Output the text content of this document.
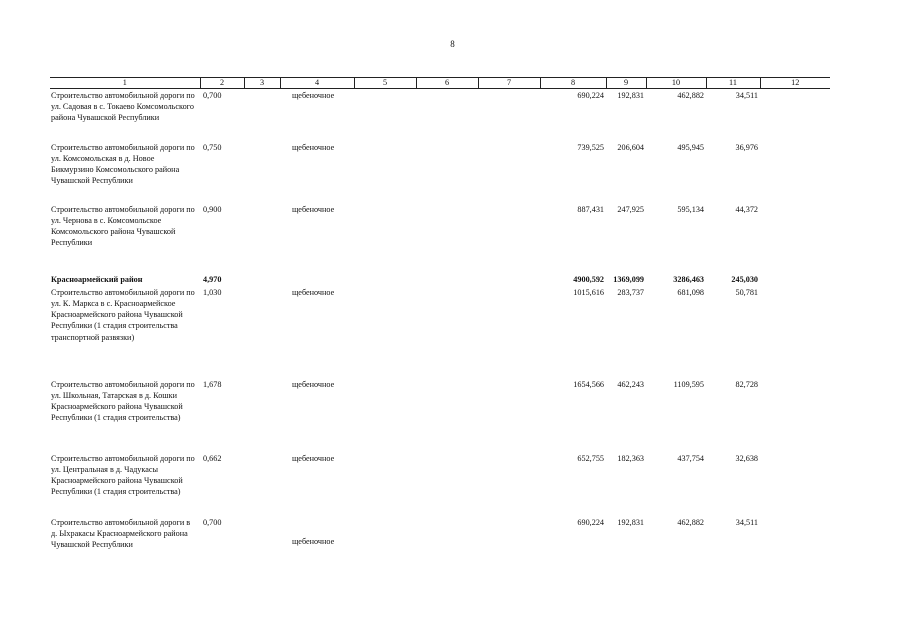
8
1	2	3	4	5	6	7	8	9	10	11	12
Строительство автомобильной дороги по ул. Садовая в с. Токаево Комсомольского района Чувашской Республики	0,700		щебеночное				690,224	192,831	462,882	34,511	
Строительство автомобильной дороги по ул. Комсомольская в д. Новое Бикмурзино Комсомольского района Чувашской Республики	0,750		щебеночное				739,525	206,604	495,945	36,976	
Строительство автомобильной дороги по ул. Чернова в с. Комсомольское Комсомольского района Чувашской Республики	0,900		щебеночное				887,431	247,925	595,134	44,372	
Красноармейский район	4,970						4900,592	1369,099	3286,463	245,030	
Строительство автомобильной дороги по ул. К. Маркса в с. Красноармейское Красноармейского района Чувашской Республики (1 стадия строительства транспортной развязки)	1,030		щебеночное				1015,616	283,737	681,098	50,781	
Строительство автомобильной дороги по ул. Школьная, Татарская в д. Кошки Красноармейского района Чувашской Республики (1 стадия строительства)	1,678		щебеночное				1654,566	462,243	1109,595	82,728	
Строительство автомобильной дороги по ул. Центральная в д. Чадукасы Красноармейского района Чувашской Республики (1 стадия строительства)	0,662		щебеночное				652,755	182,363	437,754	32,638	
Строительство автомобильной дороги в д. Ыхракасы Красноармейского района Чувашской Республики	0,700		щебеночное				690,224	192,831	462,882	34,511	
